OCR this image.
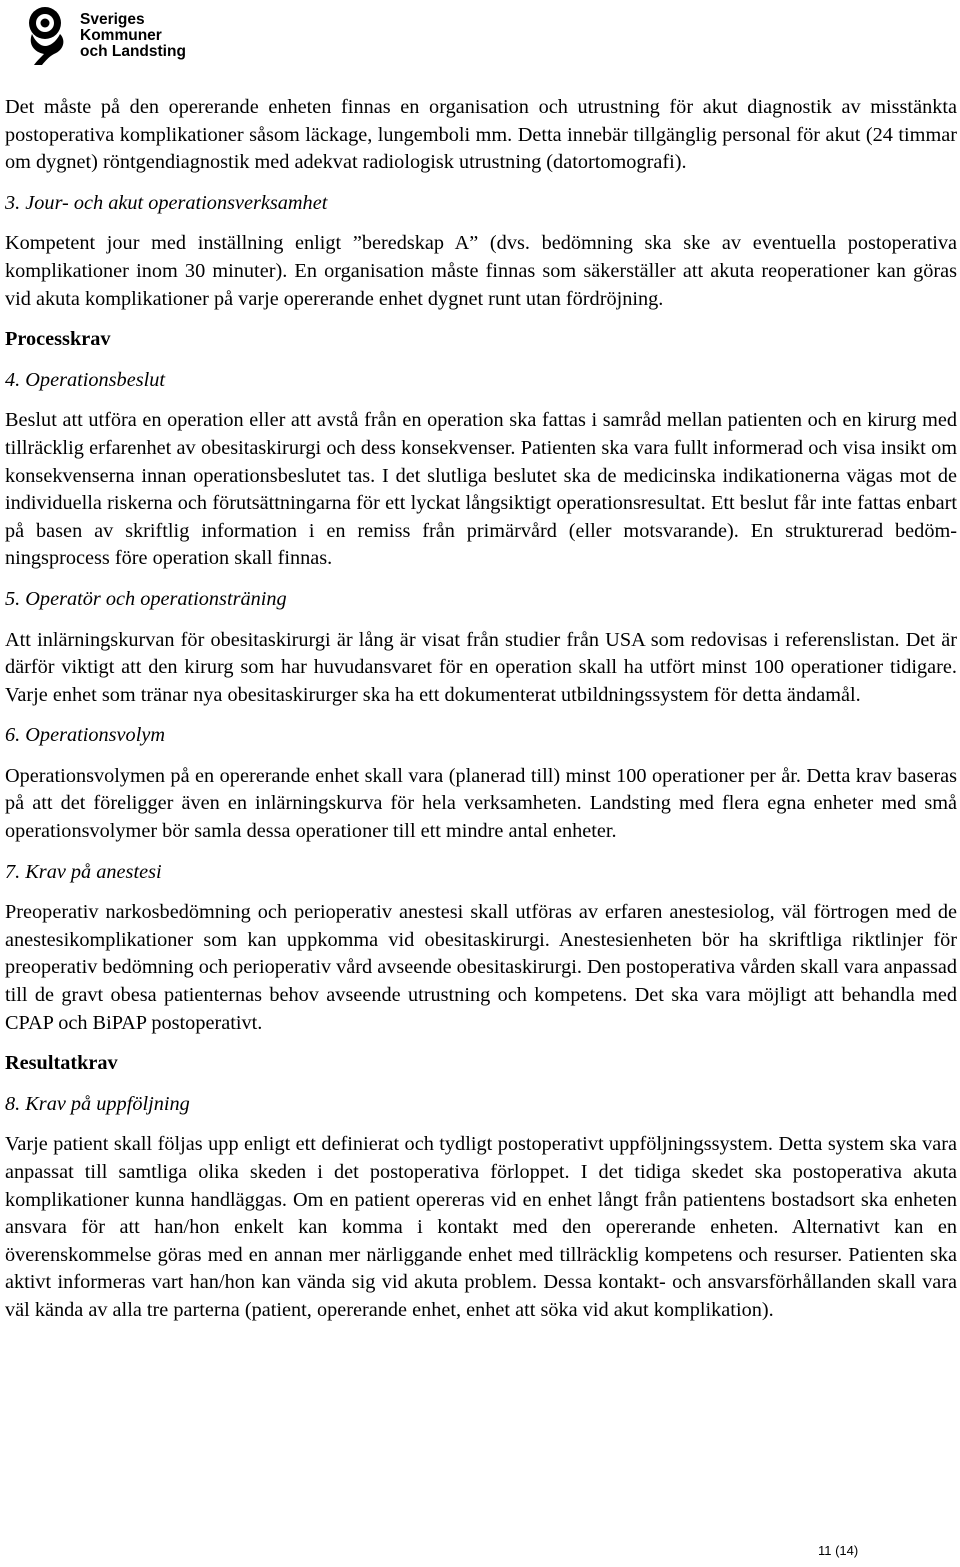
Sveriges
Kommuner
och Landsting

Det måste på den opererande enheten finnas en organisation och utrustning för akut diagnostik av misstänkta postoperativa komplikationer såsom läckage, lungemboli mm. Detta innebär tillgänglig personal för akut (24 timmar om dygnet) röntgendiagnostik med adekvat radiologisk utrustning (datortomografi).

3. Jour- och akut operationsverksamhet

Kompetent jour med inställning enligt ”beredskap A” (dvs. bedömning ska ske av eventuella postoperativa komplikationer inom 30 minuter). En organisation måste finnas som säkerställer att akuta reoperationer kan göras vid akuta komplikationer på varje opererande enhet dygnet runt utan fördröjning.

Processkrav
4. Operationsbeslut

Beslut att utföra en operation eller att avstå från en operation ska fattas i samråd mellan patienten och en kirurg med tillräcklig erfarenhet av obesitaskirurgi och dess konsekvenser. Patienten ska vara fullt informerad och visa insikt om konsekvenserna innan operationsbeslutet tas. I det slutliga beslutet ska de medicinska indikationerna vägas mot de individuella riskerna och förutsättningarna för ett lyckat långsiktigt operationsresultat. Ett beslut får inte fattas enbart på basen av skriftlig information i en remiss från primärvård (eller motsvarande). En strukturerad bedömningsprocess före operation skall finnas.

5. Operatör och operationsträning

Att inlärningskurvan för obesitaskirurgi är lång är visat från studier från USA som redovisas i referenslistan. Det är därför viktigt att den kirurg som har huvudansvaret för en operation skall ha utfört minst 100 operationer tidigare. Varje enhet som tränar nya obesitaskirurger ska ha ett dokumenterat utbildningssystem för detta ändamål.

6. Operationsvolym

Operationsvolymen på en opererande enhet skall vara (planerad till) minst 100 operationer per år. Detta krav baseras på att det föreligger även en inlärningskurva för hela verksamheten. Landsting med flera egna enheter med små operationsvolymer bör samla dessa operationer till ett mindre antal enheter.

7. Krav på anestesi

Preoperativ narkosbedömning och perioperativ anestesi skall utföras av erfaren anestesiolog, väl förtrogen med de anestesikomplikationer som kan uppkomma vid obesitaskirurgi. Anestesienheten bör ha skriftliga riktlinjer för preoperativ bedömning och perioperativ vård avseende obesitaskirurgi. Den postoperativa vården skall vara anpassad till de gravt obesa patienternas behov avseende utrustning och kompetens. Det ska vara möjligt att behandla med CPAP och BiPAP postoperativt.

Resultatkrav
8. Krav på uppföljning

Varje patient skall följas upp enligt ett definierat och tydligt postoperativt uppföljningssystem. Detta system ska vara anpassat till samtliga olika skeden i det postoperativa förloppet. I det tidiga skedet ska postoperativa akuta komplikationer kunna handläggas. Om en patient opereras vid en enhet långt från patientens bostadsort ska enheten ansvara för att han/hon enkelt kan komma i kontakt med den opererande enheten. Alternativt kan en överenskommelse göras med en annan mer närliggande enhet med tillräcklig kompetens och resurser. Patienten ska aktivt informeras vart han/hon kan vända sig vid akuta problem. Dessa kontakt- och ansvarsförhållanden skall vara väl kända av alla tre parterna (patient, opererande enhet, enhet att söka vid akut komplikation).

11 (14)
